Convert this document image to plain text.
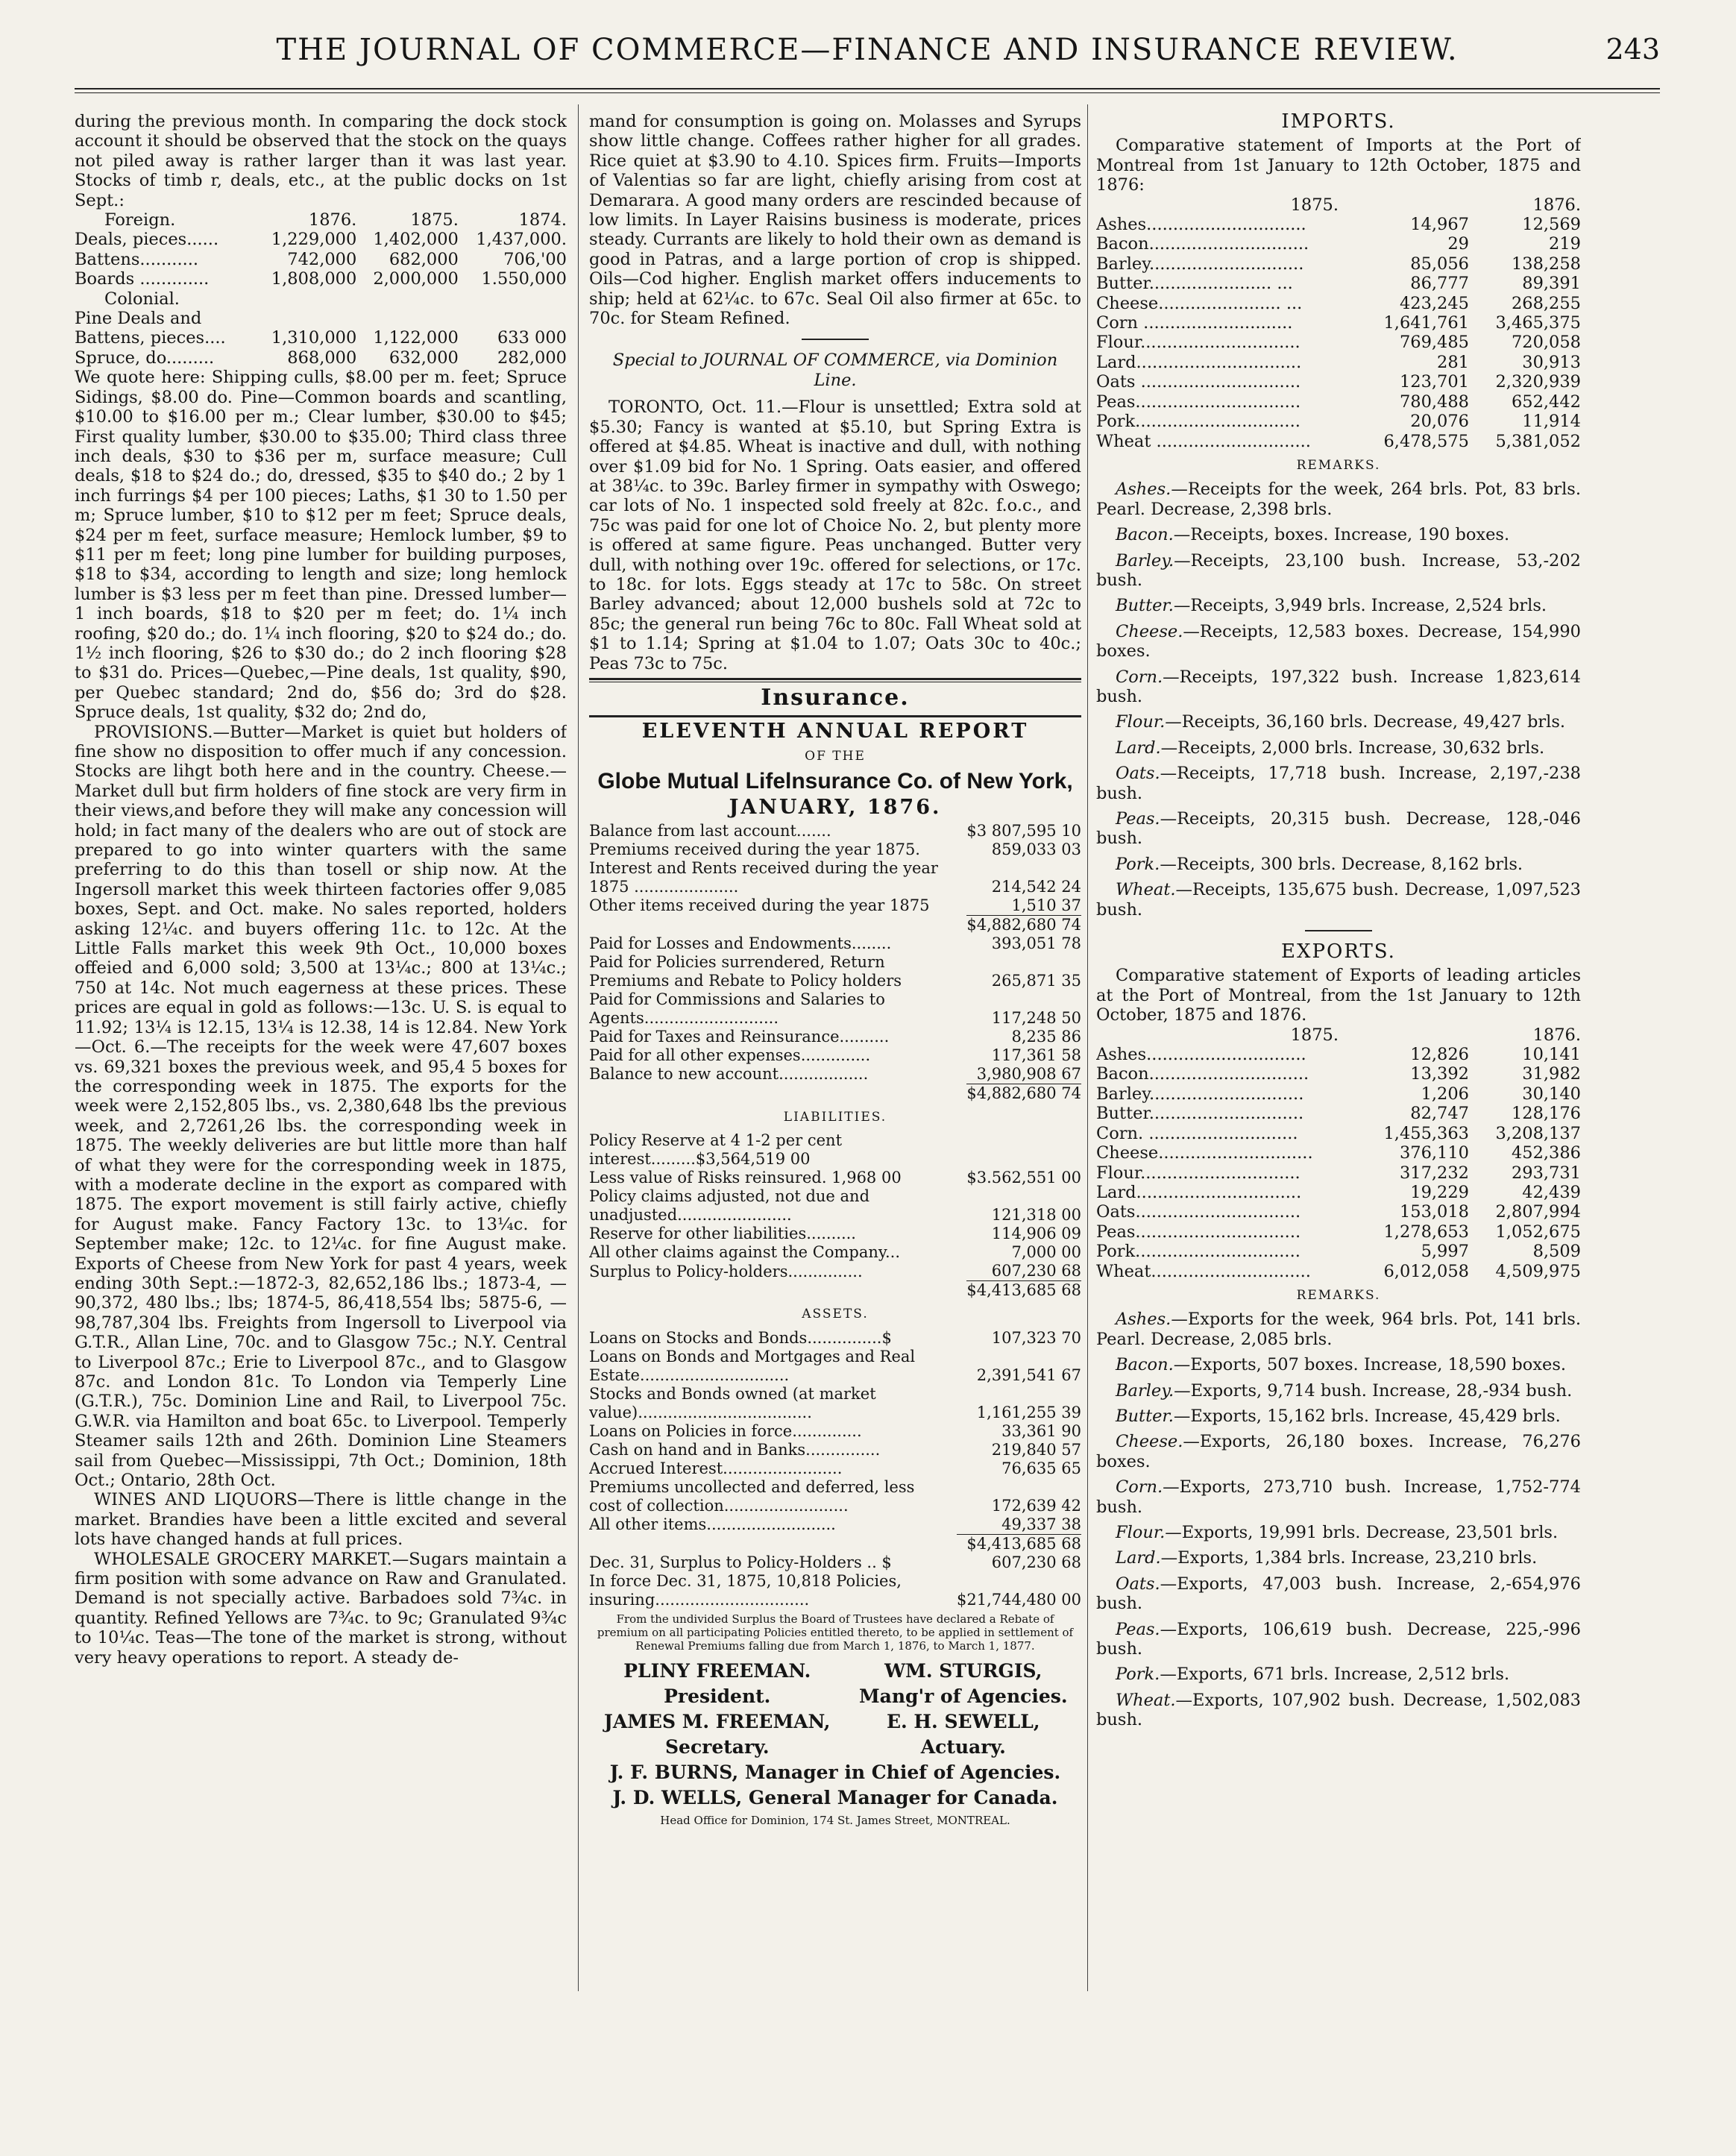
THE JOURNAL OF COMMERCE—FINANCE AND INSURANCE REVIEW.	243

during the previous month. In comparing the dock stock account it should be observed that the stock on the quays not piled away is rather larger than it was last year. Stocks of timb r, deals, etc., at the public docks on 1st Sept.:

Foreign.	1876.	1875.	1874.
Deals, pieces......	1,229,000	1,402,000	1,437,000.
Battens...........	742,000	682,000	706,'00
Boards .............	1,808,000	2,000,000	1.550,000
Colonial.			
Pine Deals and			
Battens, pieces....	1,310,000	1,122,000	633 000
Spruce, do.........	868,000	632,000	282,000

We quote here: Shipping culls, $8.00 per m. feet; Spruce Sidings, $8.00 do. Pine—Common boards and scantling, $10.00 to $16.00 per m.; Clear lumber, $30.00 to $45; First quality lumber, $30.00 to $35.00; Third class three inch deals, $30 to $36 per m, surface measure; Cull deals, $18 to $24 do.; do, dressed, $35 to $40 do.; 2 by 1 inch furrings $4 per 100 pieces; Laths, $1 30 to 1.50 per m; Spruce lumber, $10 to $12 per m feet; Spruce deals, $24 per m feet, surface measure; Hemlock lumber, $9 to $11 per m feet; long pine lumber for building purposes, $18 to $34, according to length and size; long hemlock lumber is $3 less per m feet than pine. Dressed lumber—1 inch boards, $18 to $20 per m feet; do. 1¼ inch roofing, $20 do.; do. 1¼ inch flooring, $20 to $24 do.; do. 1½ inch flooring, $26 to $30 do.; do 2 inch flooring $28 to $31 do. Prices—Quebec,—Pine deals, 1st quality, $90, per Quebec standard; 2nd do, $56 do; 3rd do $28. Spruce deals, 1st quality, $32 do; 2nd do,

PROVISIONS.—Butter—Market is quiet but holders of fine show no disposition to offer much if any concession. Stocks are lihgt both here and in the country. Cheese.—Market dull but firm holders of fine stock are very firm in their views,and before they will make any concession will hold; in fact many of the dealers who are out of stock are prepared to go into winter quarters with the same preferring to do this than tosell or ship now. At the Ingersoll market this week thirteen factories offer 9,085 boxes, Sept. and Oct. make. No sales reported, holders asking 12¼c. and buyers offering 11c. to 12c. At the Little Falls market this week 9th Oct., 10,000 boxes offeied and 6,000 sold; 3,500 at 13¼c.; 800 at 13¼c.; 750 at 14c. Not much eagerness at these prices. These prices are equal in gold as follows:—13c. U. S. is equal to 11.92; 13¼ is 12.15, 13¼ is 12.38, 14 is 12.84. New York—Oct. 6.—The receipts for the week were 47,607 boxes vs. 69,321 boxes the previous week, and 95,4 5 boxes for the corresponding week in 1875. The exports for the week were 2,152,805 lbs., vs. 2,380,648 lbs the previous week, and 2,7261,26 lbs. the corresponding week in 1875. The weekly deliveries are but little more than half of what they were for the corresponding week in 1875, with a moderate decline in the export as compared with 1875. The export movement is still fairly active, chiefly for August make. Fancy Factory 13c. to 13¼c. for September make; 12c. to 12¼c. for fine August make. Exports of Cheese from New York for past 4 years, week ending 30th Sept.:—1872-3, 82,652,186 lbs.; 1873-4, —90,372, 480 lbs.; lbs; 1874-5, 86,418,554 lbs; 5875-6, —98,787,304 lbs. Freights from Ingersoll to Liverpool via G.T.R., Allan Line, 70c. and to Glasgow 75c.; N.Y. Central to Liverpool 87c.; Erie to Liverpool 87c., and to Glasgow 87c. and London 81c. To London via Temperly Line (G.T.R.), 75c. Dominion Line and Rail, to Liverpool 75c. G.W.R. via Hamilton and boat 65c. to Liverpool. Temperly Steamer sails 12th and 26th. Dominion Line Steamers sail from Quebec—Mississippi, 7th Oct.; Dominion, 18th Oct.; Ontario, 28th Oct.

WINES AND LIQUORS—There is little change in the market. Brandies have been a little excited and several lots have changed hands at full prices.

WHOLESALE GROCERY MARKET.—Sugars maintain a firm position with some advance on Raw and Granulated. Demand is not specially active. Barbadoes sold 7¾c. in quantity. Refined Yellows are 7¾c. to 9c; Granulated 9¾c to 10¼c. Teas—The tone of the market is strong, without very heavy operations to report. A steady de-

mand for consumption is going on. Molasses and Syrups show little change. Coffees rather higher for all grades. Rice quiet at $3.90 to 4.10. Spices firm. Fruits—Imports of Valentias so far are light, chiefly arising from cost at Demarara. A good many orders are rescinded because of low limits. In Layer Raisins business is moderate, prices steady. Currants are likely to hold their own as demand is good in Patras, and a large portion of crop is shipped. Oils—Cod higher. English market offers inducements to ship; held at 62¼c. to 67c. Seal Oil also firmer at 65c. to 70c. for Steam Refined.

Special to JOURNAL OF COMMERCE, via Dominion Line.

TORONTO, Oct. 11.—Flour is unsettled; Extra sold at $5.30; Fancy is wanted at $5.10, but Spring Extra is offered at $4.85. Wheat is inactive and dull, with nothing over $1.09 bid for No. 1 Spring. Oats easier, and offered at 38¼c. to 39c. Barley firmer in sympathy with Oswego; car lots of No. 1 inspected sold freely at 82c. f.o.c., and 75c was paid for one lot of Choice No. 2, but plenty more is offered at same figure. Peas unchanged. Butter very dull, with nothing over 19c. offered for selections, or 17c. to 18c. for lots. Eggs steady at 17c to 58c. On street Barley advanced; about 12,000 bushels sold at 72c to 85c; the general run being 76c to 80c. Fall Wheat sold at $1 to 1.14; Spring at $1.04 to 1.07; Oats 30c to 40c.; Peas 73c to 75c.

Insurance.
ELEVENTH ANNUAL REPORT
OF THE
Globe Mutual Lifelnsurance Co. of New York,
JANUARY, 1876.
Balance from last account.......	$3 807,595 10
Premiums received during the year 1875.	859,033 03
Interest and Rents received during the year 1875 .....................	214,542 24
Other items received during the year 1875	1,510 37
	$4,882,680 74
Paid for Losses and Endowments........	393,051 78
Paid for Policies surrendered, Return Premiums and Rebate to Policy holders	265,871 35
Paid for Commissions and Salaries to Agents...........................	117,248 50
Paid for Taxes and Reinsurance..........	8,235 86
Paid for all other expenses..............	117,361 58
Balance to new account..................	3,980,908 67
	$4,882,680 74
LIABILITIES.
Policy Reserve at 4 1-2 per cent interest.........$3,564,519 00	
Less value of Risks reinsured. 1,968 00	$3.562,551 00
Policy claims adjusted, not due and unadjusted.......................	121,318 00
Reserve for other liabilities..........	114,906 09
All other claims against the Company...	7,000 00
Surplus to Policy-holders...............	607,230 68
	$4,413,685 68
ASSETS.
Loans on Stocks and Bonds...............$	107,323 70
Loans on Bonds and Mortgages and Real Estate..............................	2,391,541 67
Stocks and Bonds owned (at market value)...................................	1,161,255 39
Loans on Policies in force..............	33,361 90
Cash on hand and in Banks...............	219,840 57
Accrued Interest........................	76,635 65
Premiums uncollected and deferred, less cost of collection.........................	172,639 42
All other items..........................	49,337 38
	$4,413,685 68
Dec. 31, Surplus to Policy-Holders .. $	607,230 68
In force Dec. 31, 1875, 10,818 Policies, insuring...............................	$21,744,480 00

From the undivided Surplus the Board of Trustees have declared a Rebate of premium on all participating Policies entitled thereto, to be applied in settlement of Renewal Premiums falling due from March 1, 1876, to March 1, 1877.

PLINY FREEMAN.	WM. STURGIS,
President.	Mang'r of Agencies.
JAMES M. FREEMAN,	E. H. SEWELL,
Secretary.	Actuary.
J. F. BURNS, Manager in Chief of Agencies.
J. D. WELLS, General Manager for Canada.

Head Office for Dominion, 174 St. James Street, MONTREAL.

IMPORTS.

Comparative statement of Imports at the Port of Montreal from 1st January to 12th October, 1875 and 1876:

	1875.	1876.
Ashes..............................	14,967	12,569
Bacon..............................	29	219
Barley.............................	85,056	138,258
Butter....................... ...	86,777	89,391
Cheese....................... ...	423,245	268,255
Corn ............................	1,641,761	3,465,375
Flour..............................	769,485	720,058
Lard...............................	281	30,913
Oats ..............................	123,701	2,320,939
Peas...............................	780,488	652,442
Pork...............................	20,076	11,914
Wheat .............................	6,478,575	5,381,052
REMARKS.

Ashes.—Receipts for the week, 264 brls. Pot, 83 brls. Pearl. Decrease, 2,398 brls.

Bacon.—Receipts, boxes. Increase, 190 boxes.

Barley.—Receipts, 23,100 bush. Increase, 53,-202 bush.

Butter.—Receipts, 3,949 brls. Increase, 2,524 brls.

Cheese.—Receipts, 12,583 boxes. Decrease, 154,990 boxes.

Corn.—Receipts, 197,322 bush. Increase 1,823,614 bush.

Flour.—Receipts, 36,160 brls. Decrease, 49,427 brls.

Lard.—Receipts, 2,000 brls. Increase, 30,632 brls.

Oats.—Receipts, 17,718 bush. Increase, 2,197,-238 bush.

Peas.—Receipts, 20,315 bush. Decrease, 128,-046 bush.

Pork.—Receipts, 300 brls. Decrease, 8,162 brls.

Wheat.—Receipts, 135,675 bush. Decrease, 1,097,523 bush.

EXPORTS.

Comparative statement of Exports of leading articles at the Port of Montreal, from the 1st January to 12th October, 1875 and 1876.

	1875.	1876.
Ashes..............................	12,826	10,141
Bacon..............................	13,392	31,982
Barley.............................	1,206	30,140
Butter.............................	82,747	128,176
Corn. ............................	1,455,363	3,208,137
Cheese.............................	376,110	452,386
Flour..............................	317,232	293,731
Lard...............................	19,229	42,439
Oats...............................	153,018	2,807,994
Peas...............................	1,278,653	1,052,675
Pork...............................	5,997	8,509
Wheat..............................	6,012,058	4,509,975
REMARKS.

Ashes.—Exports for the week, 964 brls. Pot, 141 brls. Pearl. Decrease, 2,085 brls.

Bacon.—Exports, 507 boxes. Increase, 18,590 boxes.

Barley.—Exports, 9,714 bush. Increase, 28,-934 bush.

Butter.—Exports, 15,162 brls. Increase, 45,429 brls.

Cheese.—Exports, 26,180 boxes. Increase, 76,276 boxes.

Corn.—Exports, 273,710 bush. Increase, 1,752-774 bush.

Flour.—Exports, 19,991 brls. Decrease, 23,501 brls.

Lard.—Exports, 1,384 brls. Increase, 23,210 brls.

Oats.—Exports, 47,003 bush. Increase, 2,-654,976 bush.

Peas.—Exports, 106,619 bush. Decrease, 225,-996 bush.

Pork.—Exports, 671 brls. Increase, 2,512 brls.

Wheat.—Exports, 107,902 bush. Decrease, 1,502,083 bush.
